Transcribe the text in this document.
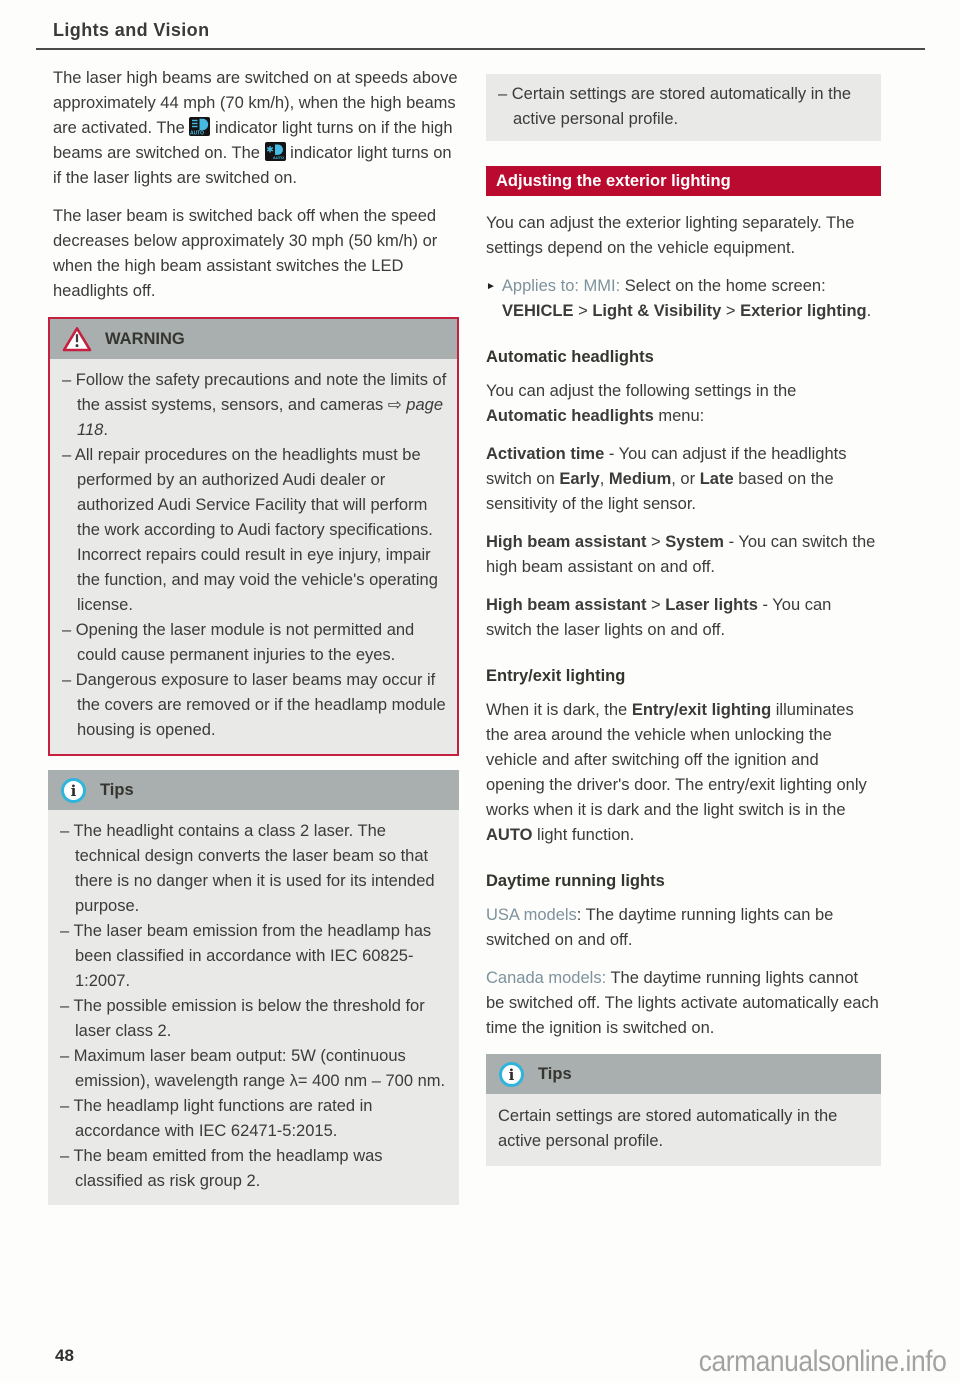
Lights and Vision

The laser high beams are switched on at speeds above approximately 44 mph (70 km/h), when the high beams are activated. The AUTO indicator light turns on if the high beams are switched on. The ✱
AUTO indicator light turns on if the laser lights are switched on.

The laser beam is switched back off when the speed decreases below approximately 30 mph (50 km/h) or when the high beam assistant switches the LED headlights off.

WARNING
– Follow the safety precautions and note the limits of the assist systems, sensors, and cameras ⇨ page 118.
– All repair procedures on the headlights must be performed by an authorized Audi dealer or authorized Audi Service Facility that will perform the work according to Audi factory specifications. Incorrect repairs could result in eye injury, impair the function, and may void the vehicle's operating license.
– Opening the laser module is not permitted and could cause permanent injuries to the eyes.
– Dangerous exposure to laser beams may occur if the covers are removed or if the headlamp module housing is opened.
i Tips
– The headlight contains a class 2 laser. The technical design converts the laser beam so that there is no danger when it is used for its intended purpose.
– The laser beam emission from the headlamp has been classified in accordance with IEC 60825-1:2007.
– The possible emission is below the threshold for laser class 2.
– Maximum laser beam output: 5W (continuous emission), wavelength range λ= 400 nm – 700 nm.
– The headlamp light functions are rated in accordance with IEC 62471-5:2015.
– The beam emitted from the headlamp was classified as risk group 2.
– Certain settings are stored automatically in the active personal profile.
Adjusting the exterior lighting

You can adjust the exterior lighting separately. The settings depend on the vehicle equipment.

► Applies to: MMI: Select on the home screen: VEHICLE > Light & Visibility > Exterior lighting.

Automatic headlights

You can adjust the following settings in the Automatic headlights menu:

Activation time - You can adjust if the headlights switch on Early, Medium, or Late based on the sensitivity of the light sensor.

High beam assistant > System - You can switch the high beam assistant on and off.

High beam assistant > Laser lights - You can switch the laser lights on and off.

Entry/exit lighting

When it is dark, the Entry/exit lighting illuminates the area around the vehicle when unlocking the vehicle and after switching off the ignition and opening the driver's door. The entry/exit lighting only works when it is dark and the light switch is in the AUTO light function.

Daytime running lights

USA models: The daytime running lights can be switched on and off.

Canada models: The daytime running lights cannot be switched off. The lights activate automatically each time the ignition is switched on.

i Tips
Certain settings are stored automatically in the active personal profile.
48	carmanualsonline.info
